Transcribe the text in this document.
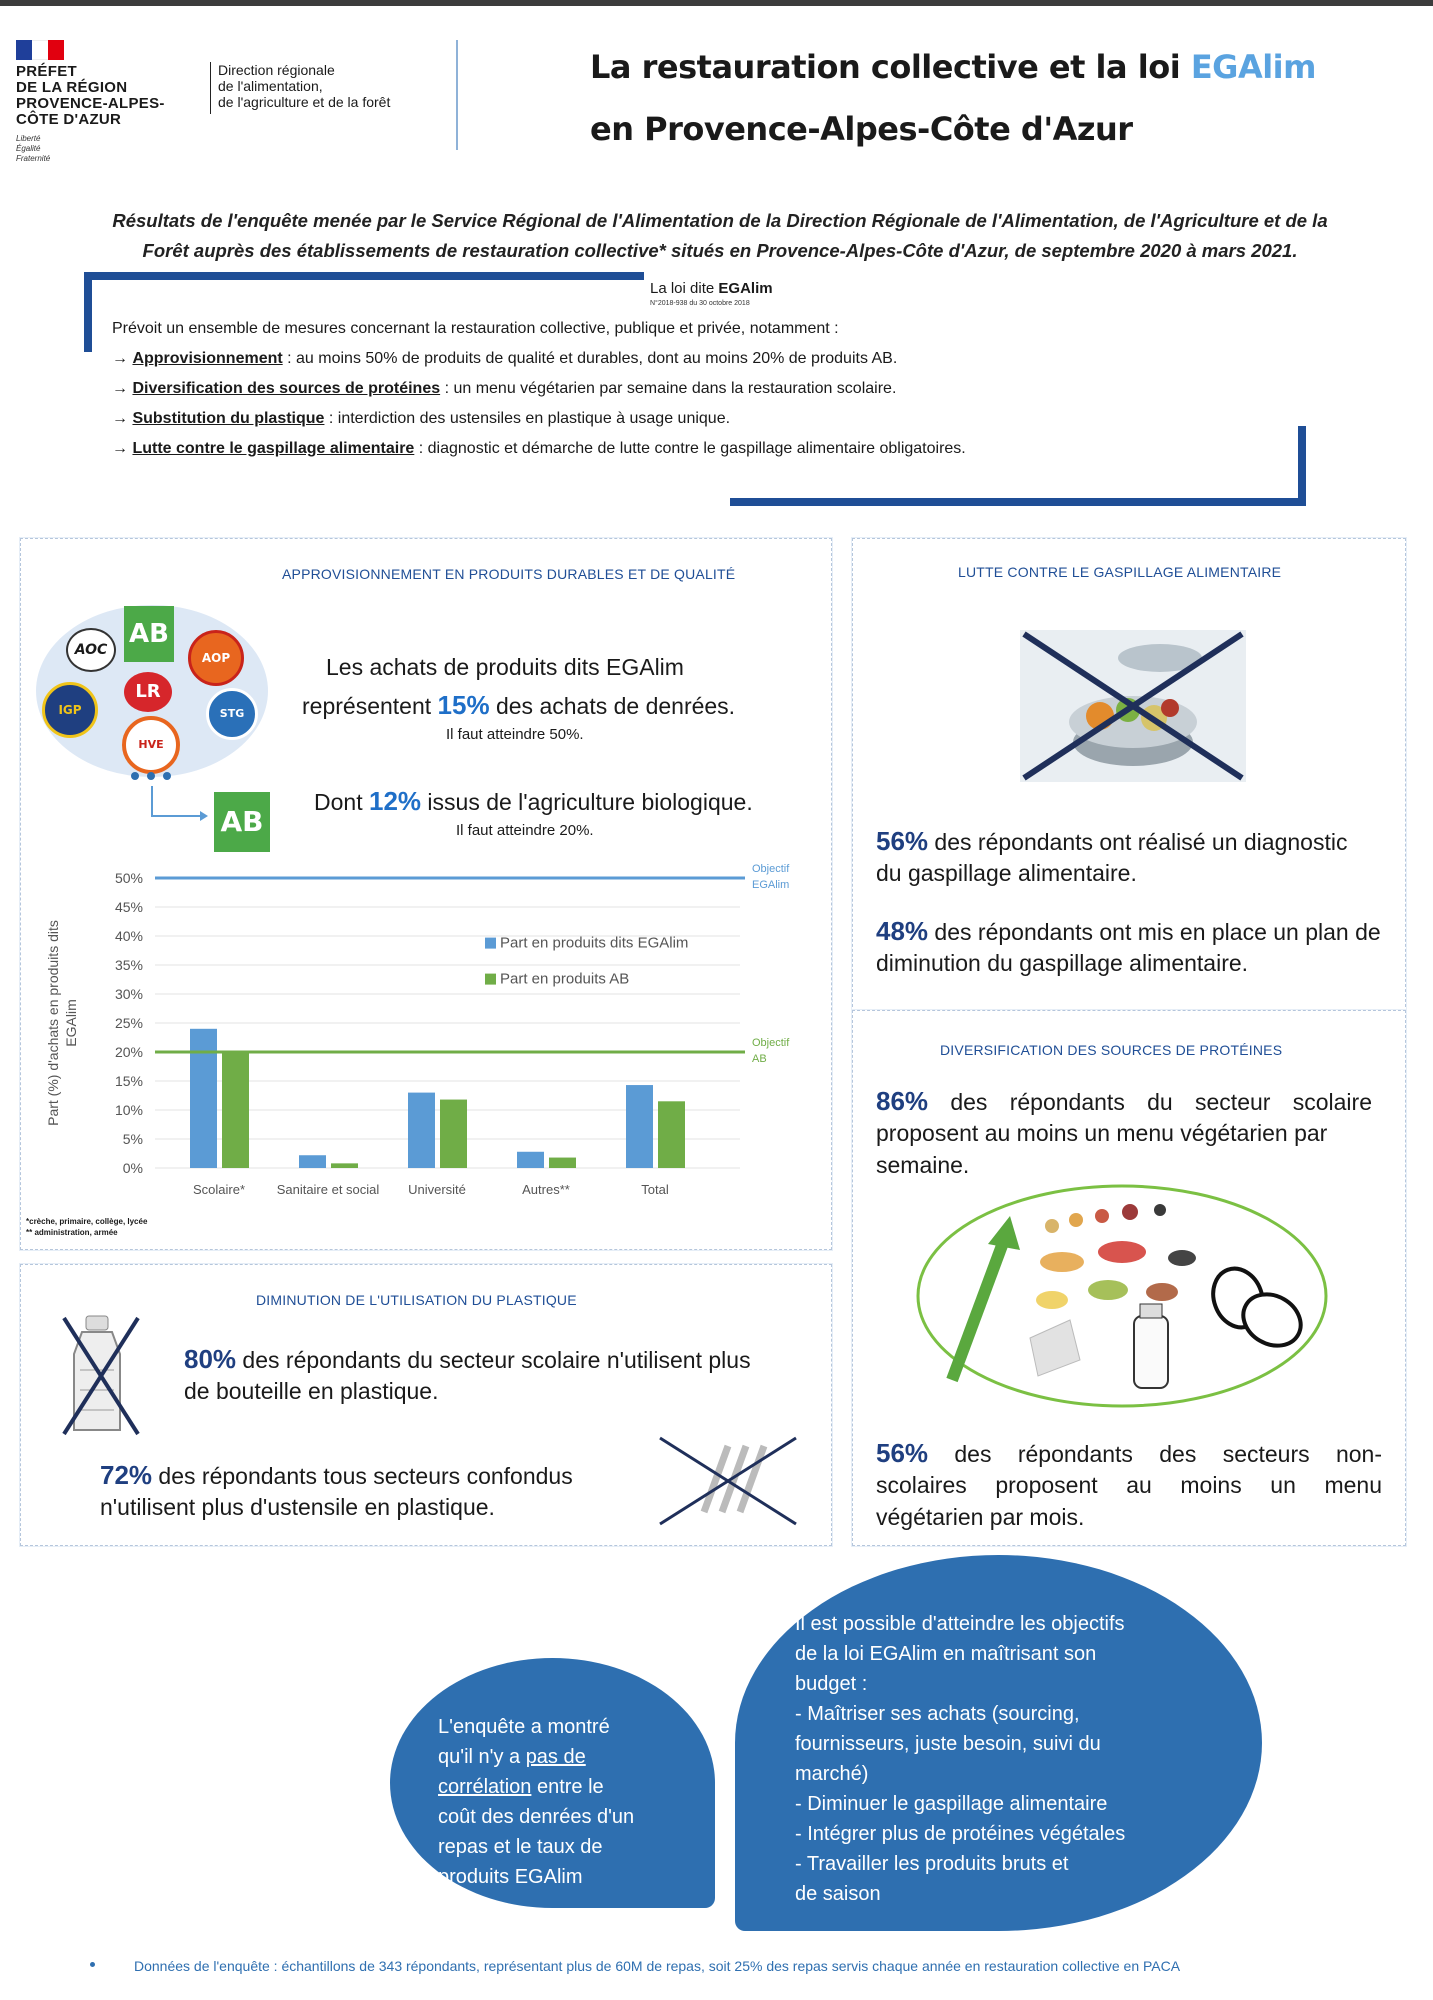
PRÉFET
DE LA RÉGION
PROVENCE-ALPES-
CÔTE D'AZUR
Liberté
Égalité
Fraternité
Direction régionale
de l'alimentation,
de l'agriculture et de la forêt
La restauration collective et la loi EGAlim
en Provence-Alpes-Côte d'Azur
Résultats de l'enquête menée par le Service Régional de l'Alimentation de la Direction Régionale de l'Alimentation, de l'Agriculture et de la
Forêt auprès des établissements de restauration collective* situés en Provence-Alpes-Côte d'Azur, de septembre 2020 à mars 2021.
La loi dite EGAlim
N°2018-938 du 30 octobre 2018
Prévoit un ensemble de mesures concernant la restauration collective, publique et privée, notamment :
→ Approvisionnement : au moins 50% de produits de qualité et durables, dont au moins 20% de produits AB.
→ Diversification des sources de protéines : un menu végétarien par semaine dans la restauration scolaire.
→ Substitution du plastique : interdiction des ustensiles en plastique à usage unique.
→ Lutte contre le gaspillage alimentaire : diagnostic et démarche de lutte contre le gaspillage alimentaire obligatoires.
APPROVISIONNEMENT EN PRODUITS DURABLES ET DE QUALITÉ
AOC
AB
AOP
IGP
LR
STG
HVE
AB
Les achats de produits dits EGAlim
représentent 15% des achats de denrées.
Il faut atteindre 50%.
Dont 12% issus de l'agriculture biologique.
Il faut atteindre 20%.
0%
5%
10%
15%
20%
25%
30%
35%
40%
45%
50%
Part (%) d'achats en produits dits EGAlim
Scolaire* Sanitaire et social Université	Autres**	Total
Objectif
EGAlim
Objectif
AB
Part en produits dits EGAlim
Part en produits AB
*crèche, primaire, collège, lycée
** administration, armée
DIMINUTION DE L'UTILISATION DU PLASTIQUE
80% des répondants du secteur scolaire n'utilisent plus
de bouteille en plastique.
72% des répondants tous secteurs confondus
n'utilisent plus d'ustensile en plastique.
LUTTE CONTRE LE GASPILLAGE ALIMENTAIRE
56% des répondants ont réalisé un diagnostic
du gaspillage alimentaire.
48% des répondants ont mis en place un plan de
diminution du gaspillage alimentaire.
DIVERSIFICATION DES SOURCES DE PROTÉINES
86% des répondants du secteur scolaire
proposent au moins un menu végétarien par
semaine.
56% des répondants des secteurs non-
scolaires proposent au moins un menu
végétarien par mois.
L'enquête a montré
qu'il n'y a pas de
corrélation entre le
coût des denrées d'un
repas et le taux de
produits EGAlim
Il est possible d'atteindre les objectifs
de la loi EGAlim en maîtrisant son
budget :
- Maîtriser ses achats (sourcing,
fournisseurs, juste besoin, suivi du
marché)
- Diminuer le gaspillage alimentaire
- Intégrer plus de protéines végétales
- Travailler les produits bruts et
de saison
Données de l'enquête : échantillons de 343 répondants, représentant plus de 60M de repas, soit 25% des repas servis chaque année en restauration collective en PACA
